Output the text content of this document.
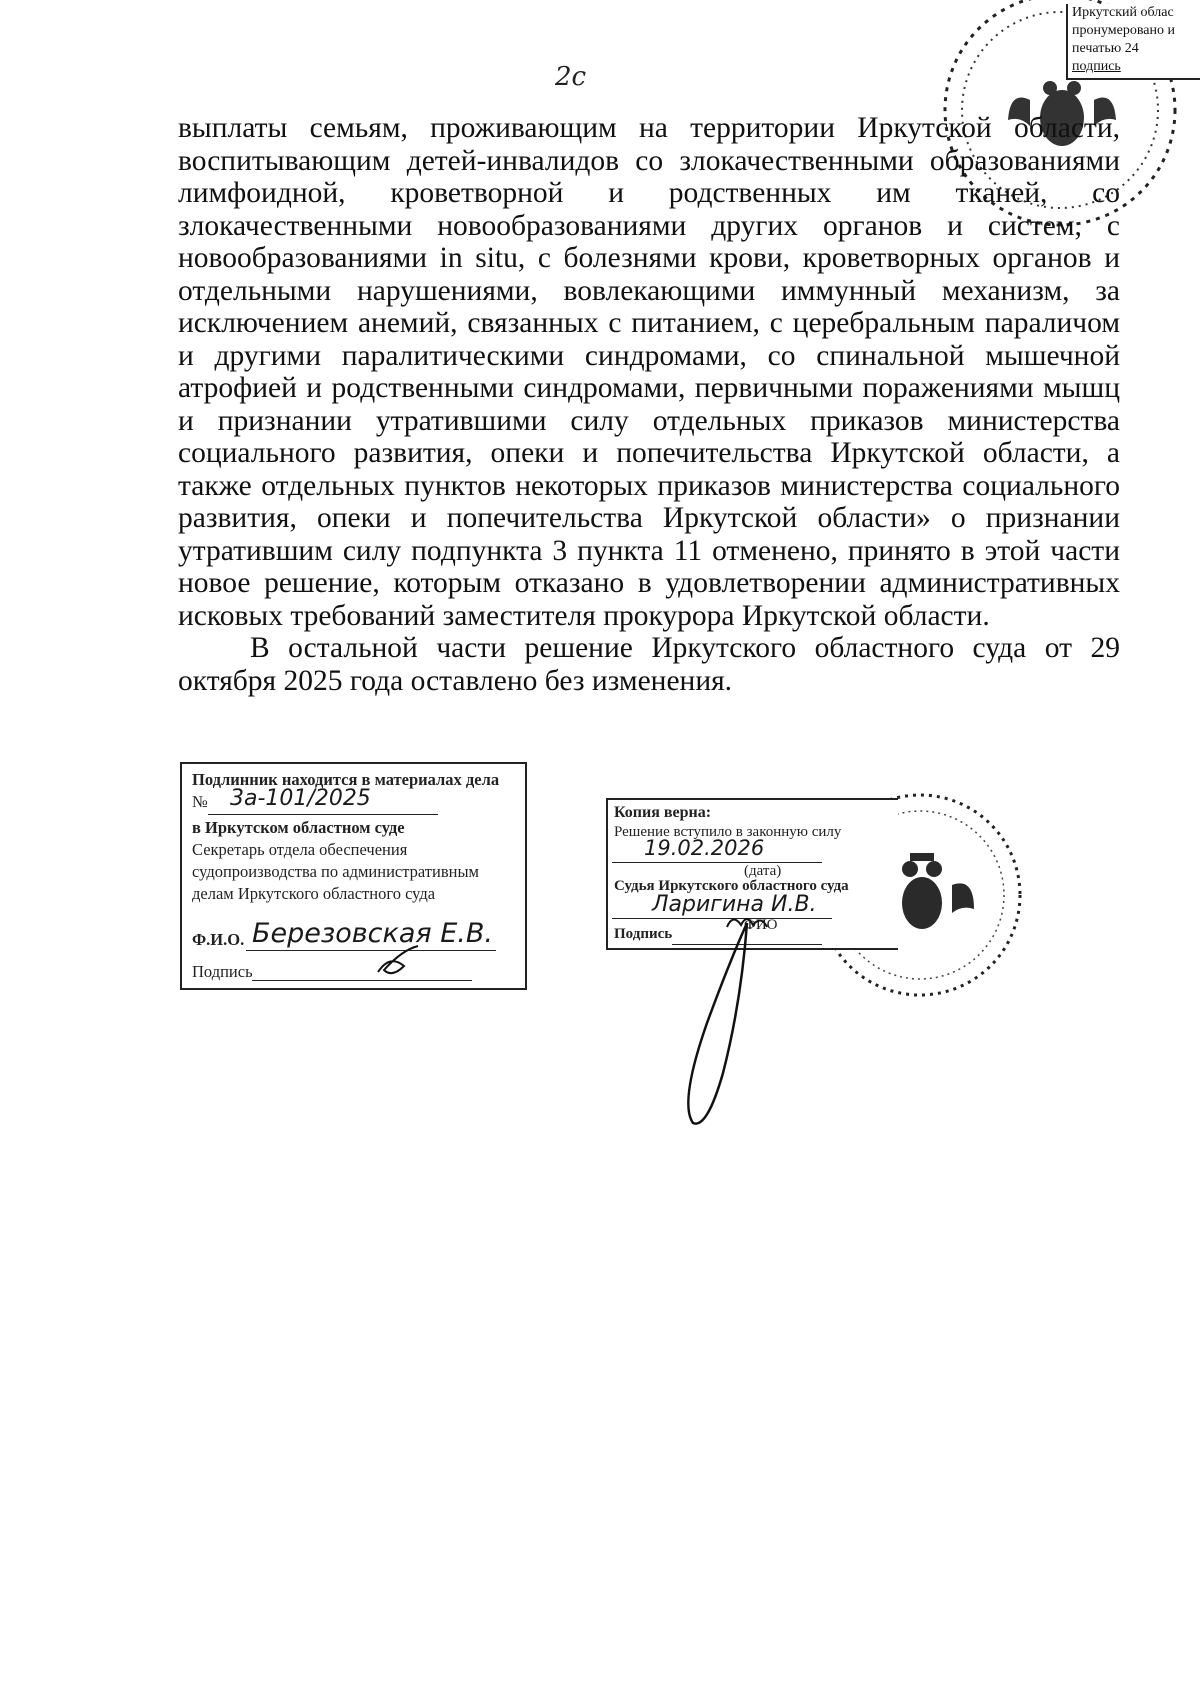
2с
Иркутский облас
пронумеровано и
печатью 24
подпись

выплаты семьям, проживающим на территории Иркутской области, воспитывающим детей-инвалидов со злокачественными образованиями лимфоидной, кроветворной и родственных им тканей, со злокачественными новообразованиями других органов и систем, с новообразованиями in situ, с болезнями крови, кроветворных органов и отдельными нарушениями, вовлекающими иммунный механизм, за исключением анемий, связанных с питанием, с церебральным параличом и другими паралитическими синдромами, со спинальной мышечной атрофией и родственными синдромами, первичными поражениями мышц и признании утратившими силу отдельных приказов министерства социального развития, опеки и попечительства Иркутской области, а также отдельных пунктов некоторых приказов министерства социального развития, опеки и попечительства Иркутской области» о признании утратившим силу подпункта 3 пункта 11 отменено, принято в этой части новое решение, которым отказано в удовлетворении административных исковых требований заместителя прокурора Иркутской области.

В остальной части решение Иркутского областного суда от 29 октября 2025 года оставлено без изменения.

Подлинник находится в материалах дела
№ 3а-101/2025
в Иркутском областном суде
Секретарь отдела обеспечения
судопроизводства по административным
делам Иркутского областного суда
Ф.И.О. Березовская Е.В.
Подпись
Копия верна:
Решение вступило в законную силу
19.02.2026
(дата)
Судья Иркутского областного суда
Ларигина И.В.
ФИО
Подпись
